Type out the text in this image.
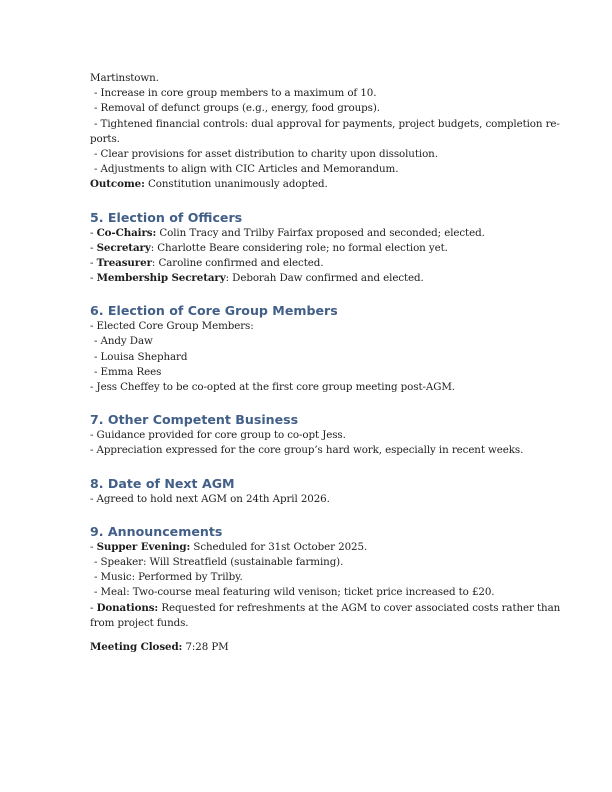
Martinstown.
- Increase in core group members to a maximum of 10.
- Removal of defunct groups (e.g., energy, food groups).
- Tightened financial controls: dual approval for payments, project budgets, completion re-
ports.
- Clear provisions for asset distribution to charity upon dissolution.
- Adjustments to align with CIC Articles and Memorandum.
Outcome: Constitution unanimously adopted.
5. Election of Officers
- Co-Chairs: Colin Tracy and Trilby Fairfax proposed and seconded; elected.
- Secretary: Charlotte Beare considering role; no formal election yet.
- Treasurer: Caroline confirmed and elected.
- Membership Secretary: Deborah Daw confirmed and elected.
6. Election of Core Group Members
- Elected Core Group Members:
- Andy Daw
- Louisa Shephard
- Emma Rees
- Jess Cheffey to be co-opted at the first core group meeting post-AGM.
7. Other Competent Business
- Guidance provided for core group to co-opt Jess.
- Appreciation expressed for the core group’s hard work, especially in recent weeks.
8. Date of Next AGM
- Agreed to hold next AGM on 24th April 2026.
9. Announcements
- Supper Evening: Scheduled for 31st October 2025.
- Speaker: Will Streatfield (sustainable farming).
- Music: Performed by Trilby.
- Meal: Two-course meal featuring wild venison; ticket price increased to £20.
- Donations: Requested for refreshments at the AGM to cover associated costs rather than
from project funds.
Meeting Closed: 7:28 PM
